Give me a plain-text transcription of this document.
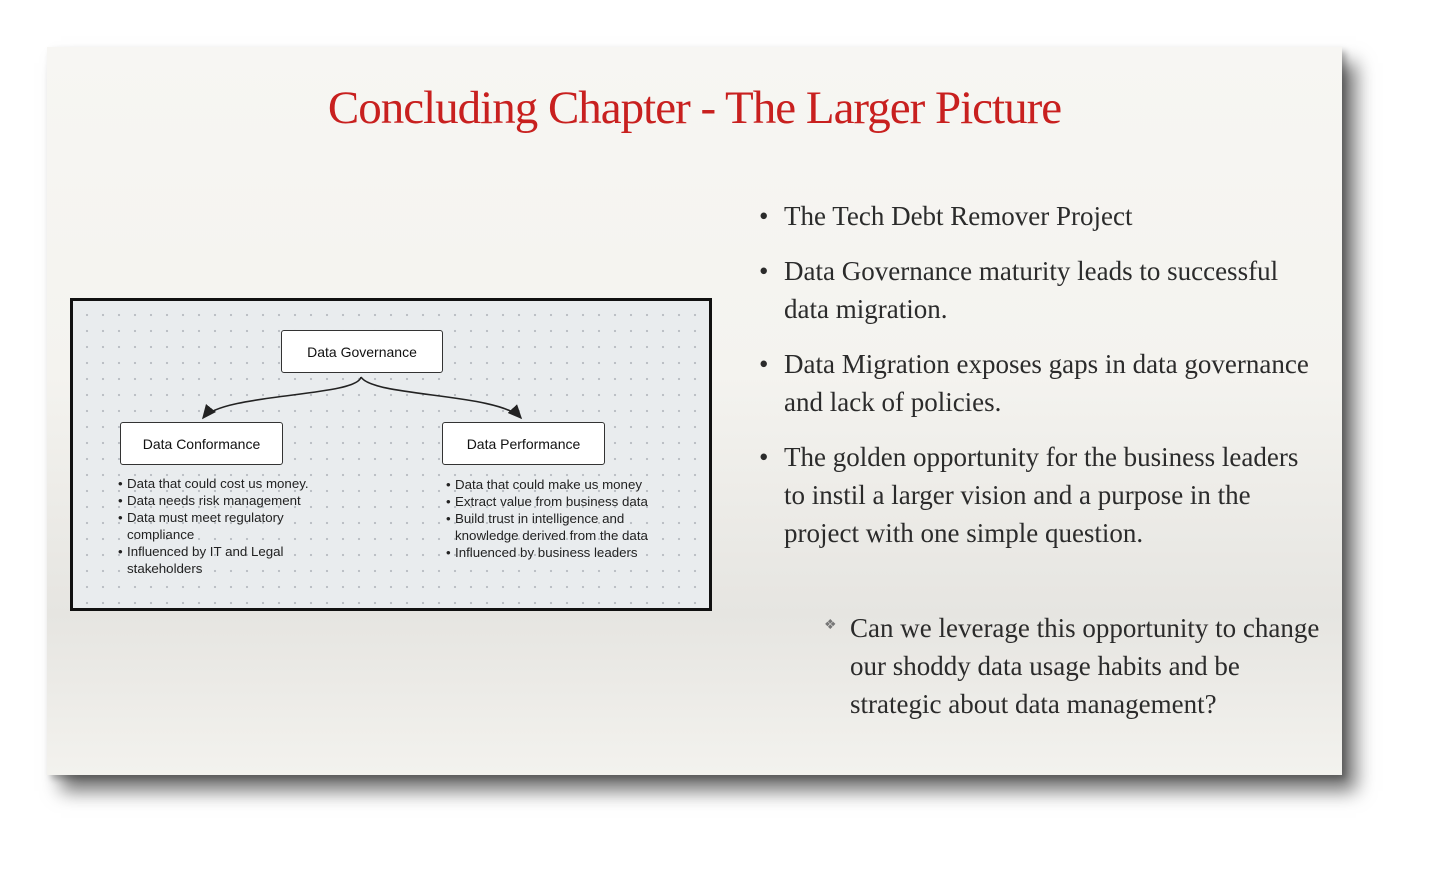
Concluding Chapter - The Larger Picture
Data Governance
Data Conformance	Data Performance
• Data that could cost us money.
• Data needs risk management
• Data must meet regulatory compliance
• Influenced by IT and Legal stakeholders
• Data that could make us money
• Extract value from business data
• Build trust in intelligence and knowledge derived from the data
• Influenced by business leaders
• The Tech Debt Remover Project
• Data Governance maturity leads to successful data migration.
• Data Migration exposes gaps in data governance and lack of policies.
• The golden opportunity for the business leaders to instil a larger vision and a purpose in the project with one simple question.
❖ Can we leverage this opportunity to change our shoddy data usage habits and be strategic about data management?
